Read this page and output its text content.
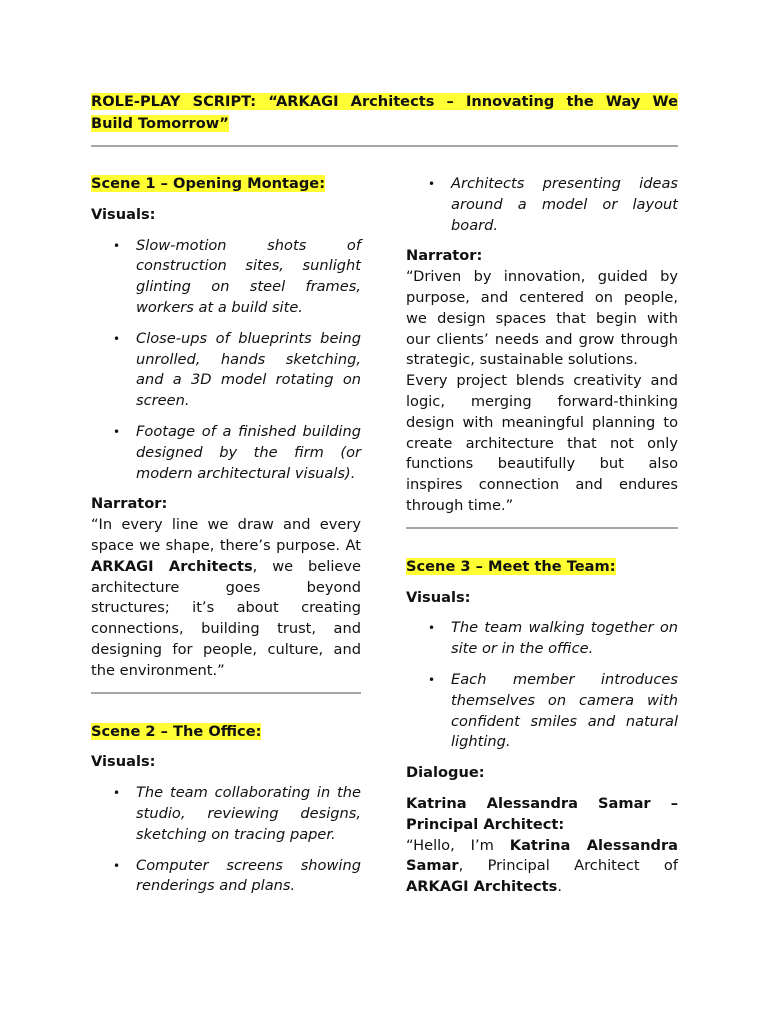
ROLE-PLAY SCRIPT: “ARKAGI Architects – Innovating the Way We

Build Tomorrow”
Scene 1 – Opening Montage:
Visuals:
• Slow-motion shots of construction sites, sunlight glinting on steel frames, workers at a build site.
• Close-ups of blueprints being unrolled, hands sketching, and a 3D model rotating on screen.
• Footage of a finished building designed by the firm (or modern architectural visuals).
Narrator:

“In every line we draw and every space we shape, there’s purpose. At ARKAGI Architects, we believe architecture goes beyond structures; it’s about creating connections, building trust, and designing for people, culture, and the environment.”

Scene 2 – The Office:
Visuals:
• The team collaborating in the studio, reviewing designs, sketching on tracing paper.
• Computer screens showing renderings and plans.
• Architects presenting ideas around a model or layout board.
Narrator:

“Driven by innovation, guided by purpose, and centered on people, we design spaces that begin with our clients’ needs and grow through strategic, sustainable solutions.

Every project blends creativity and logic, merging forward-thinking design with meaningful planning to create architecture that not only functions beautifully but also inspires connection and endures through time.”

Scene 3 – Meet the Team:
Visuals:
• The team walking together on site or in the office.
• Each member introduces themselves on camera with confident smiles and natural lighting.
Dialogue:

Katrina Alessandra Samar – Principal Architect:

“Hello, I’m Katrina Alessandra Samar, Principal Architect of ARKAGI Architects.
